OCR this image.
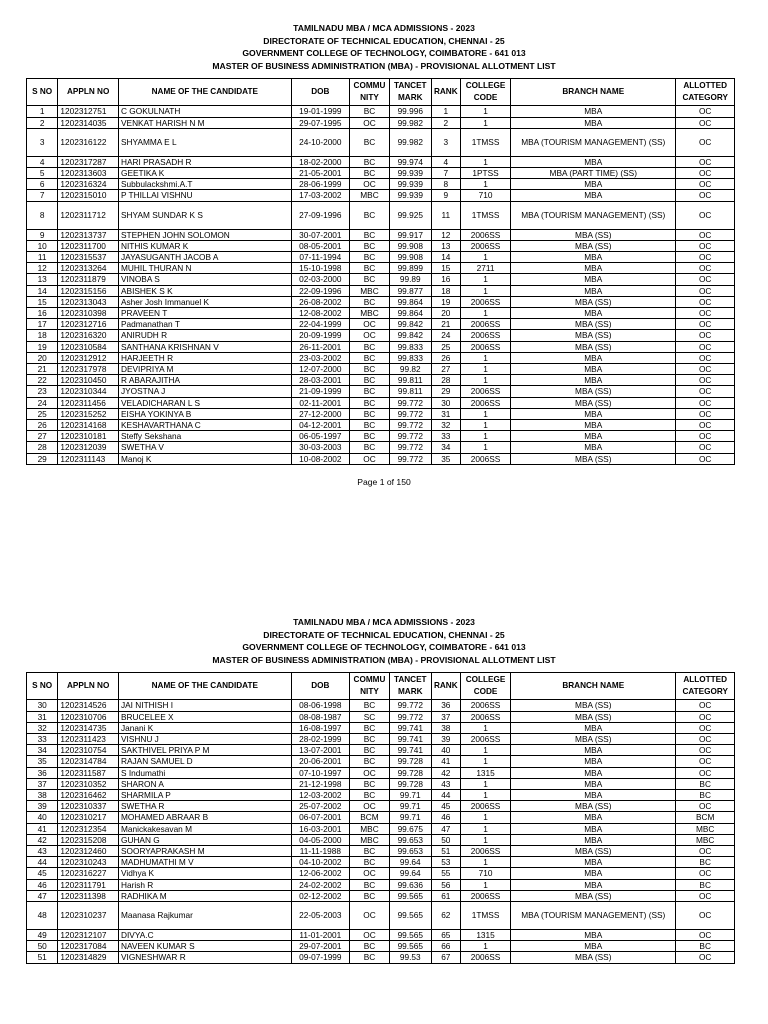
TAMILNADU MBA / MCA ADMISSIONS - 2023
DIRECTORATE OF TECHNICAL EDUCATION, CHENNAI - 25
GOVERNMENT COLLEGE OF TECHNOLOGY, COIMBATORE - 641 013
MASTER OF BUSINESS ADMINISTRATION (MBA) - PROVISIONAL ALLOTMENT LIST
S NO	APPLN NO	NAME OF THE CANDIDATE	DOB	COMMU NITY	TANCET MARK	RANK	COLLEGE CODE	BRANCH NAME	ALLOTTED CATEGORY
1	1202312751	C GOKULNATH	19-01-1999	BC	99.996	1	1	MBA	OC
2	1202314035	VENKAT HARISH N M	29-07-1995	OC	99.982	2	1	MBA	OC
3	1202316122	SHYAMMA E L	24-10-2000	BC	99.982	3	1TMSS	MBA (TOURISM MANAGEMENT) (SS)	OC
4	1202317287	HARI PRASADH R	18-02-2000	BC	99.974	4	1	MBA	OC
5	1202313603	GEETIKA K	21-05-2001	BC	99.939	7	1PTSS	MBA (PART TIME) (SS)	OC
6	1202316324	Subbulackshmi.A.T	28-06-1999	OC	99.939	8	1	MBA	OC
7	1202315010	P THILLAI VISHNU	17-03-2002	MBC	99.939	9	710	MBA	OC
8	1202311712	SHYAM SUNDAR K S	27-09-1996	BC	99.925	11	1TMSS	MBA (TOURISM MANAGEMENT) (SS)	OC
9	1202313737	STEPHEN JOHN SOLOMON	30-07-2001	BC	99.917	12	2006SS	MBA (SS)	OC
10	1202311700	NITHIS KUMAR K	08-05-2001	BC	99.908	13	2006SS	MBA (SS)	OC
11	1202315537	JAYASUGANTH JACOB A	07-11-1994	BC	99.908	14	1	MBA	OC
12	1202313264	MUHIL THURAN N	15-10-1998	BC	99.899	15	2711	MBA	OC
13	1202311879	VINOBA S	02-03-2000	BC	99.89	16	1	MBA	OC
14	1202315156	ABISHEK S K	22-09-1996	MBC	99.877	18	1	MBA	OC
15	1202313043	Asher Josh Immanuel K	26-08-2002	BC	99.864	19	2006SS	MBA (SS)	OC
16	1202310398	PRAVEEN T	12-08-2002	MBC	99.864	20	1	MBA	OC
17	1202312716	Padmanathan T	22-04-1999	OC	99.842	21	2006SS	MBA (SS)	OC
18	1202316320	ANIRUDH R	20-09-1999	OC	99.842	24	2006SS	MBA (SS)	OC
19	1202310584	SANTHANA KRISHNAN V	26-11-2001	BC	99.833	25	2006SS	MBA (SS)	OC
20	1202312912	HARJEETH R	23-03-2002	BC	99.833	26	1	MBA	OC
21	1202317978	DEVIPRIYA M	12-07-2000	BC	99.82	27	1	MBA	OC
22	1202310450	R ABARAJITHA	28-03-2001	BC	99.811	28	1	MBA	OC
23	1202310344	JYOSTNA J	21-09-1999	BC	99.811	29	2006SS	MBA (SS)	OC
24	1202311456	VELADICHARAN L S	02-11-2001	BC	99.772	30	2006SS	MBA (SS)	OC
25	1202315252	EISHA YOKINYA B	27-12-2000	BC	99.772	31	1	MBA	OC
26	1202314168	KESHAVARTHANA C	04-12-2001	BC	99.772	32	1	MBA	OC
27	1202310181	Steffy Sekshana	06-05-1997	BC	99.772	33	1	MBA	OC
28	1202312039	SWETHA V	30-03-2003	BC	99.772	34	1	MBA	OC
29	1202311143	Manoj K	10-08-2002	OC	99.772	35	2006SS	MBA (SS)	OC
Page 1 of 150
TAMILNADU MBA / MCA ADMISSIONS - 2023
DIRECTORATE OF TECHNICAL EDUCATION, CHENNAI - 25
GOVERNMENT COLLEGE OF TECHNOLOGY, COIMBATORE - 641 013
MASTER OF BUSINESS ADMINISTRATION (MBA) - PROVISIONAL ALLOTMENT LIST
S NO	APPLN NO	NAME OF THE CANDIDATE	DOB	COMMU NITY	TANCET MARK	RANK	COLLEGE CODE	BRANCH NAME	ALLOTTED CATEGORY
30	1202314526	JAI NITHISH I	08-06-1998	BC	99.772	36	2006SS	MBA (SS)	OC
31	1202310706	BRUCELEE X	08-08-1987	SC	99.772	37	2006SS	MBA (SS)	OC
32	1202314735	Janani K	16-08-1997	BC	99.741	38	1	MBA	OC
33	1202311423	VISHNU J	28-02-1999	BC	99.741	39	2006SS	MBA (SS)	OC
34	1202310754	SAKTHIVEL PRIYA P M	13-07-2001	BC	99.741	40	1	MBA	OC
35	1202314784	RAJAN SAMUEL D	20-06-2001	BC	99.728	41	1	MBA	OC
36	1202311587	S Indumathi	07-10-1997	OC	99.728	42	1315	MBA	OC
37	1202310352	SHARON A	21-12-1998	BC	99.728	43	1	MBA	BC
38	1202316462	SHARMILA P	12-03-2002	BC	99.71	44	1	MBA	BC
39	1202310337	SWETHA R	25-07-2002	OC	99.71	45	2006SS	MBA (SS)	OC
40	1202310217	MOHAMED ABRAAR B	06-07-2001	BCM	99.71	46	1	MBA	BCM
41	1202312354	Manickakesavan M	16-03-2001	MBC	99.675	47	1	MBA	MBC
42	1202315208	GUHAN G	04-05-2000	MBC	99.653	50	1	MBA	MBC
43	1202312460	SOORYAPRAKASH M	11-11-1988	BC	99.653	51	2006SS	MBA (SS)	OC
44	1202310243	MADHUMATHI M V	04-10-2002	BC	99.64	53	1	MBA	BC
45	1202316227	Vidhya K	12-06-2002	OC	99.64	55	710	MBA	OC
46	1202311791	Harish R	24-02-2002	BC	99.636	56	1	MBA	BC
47	1202311398	RADHIKA M	02-12-2002	BC	99.565	61	2006SS	MBA (SS)	OC
48	1202310237	Maanasa Rajkumar	22-05-2003	OC	99.565	62	1TMSS	MBA (TOURISM MANAGEMENT) (SS)	OC
49	1202312107	DIVYA.C	11-01-2001	OC	99.565	65	1315	MBA	OC
50	1202317084	NAVEEN KUMAR S	29-07-2001	BC	99.565	66	1	MBA	BC
51	1202314829	VIGNESHWAR R	09-07-1999	BC	99.53	67	2006SS	MBA (SS)	OC
